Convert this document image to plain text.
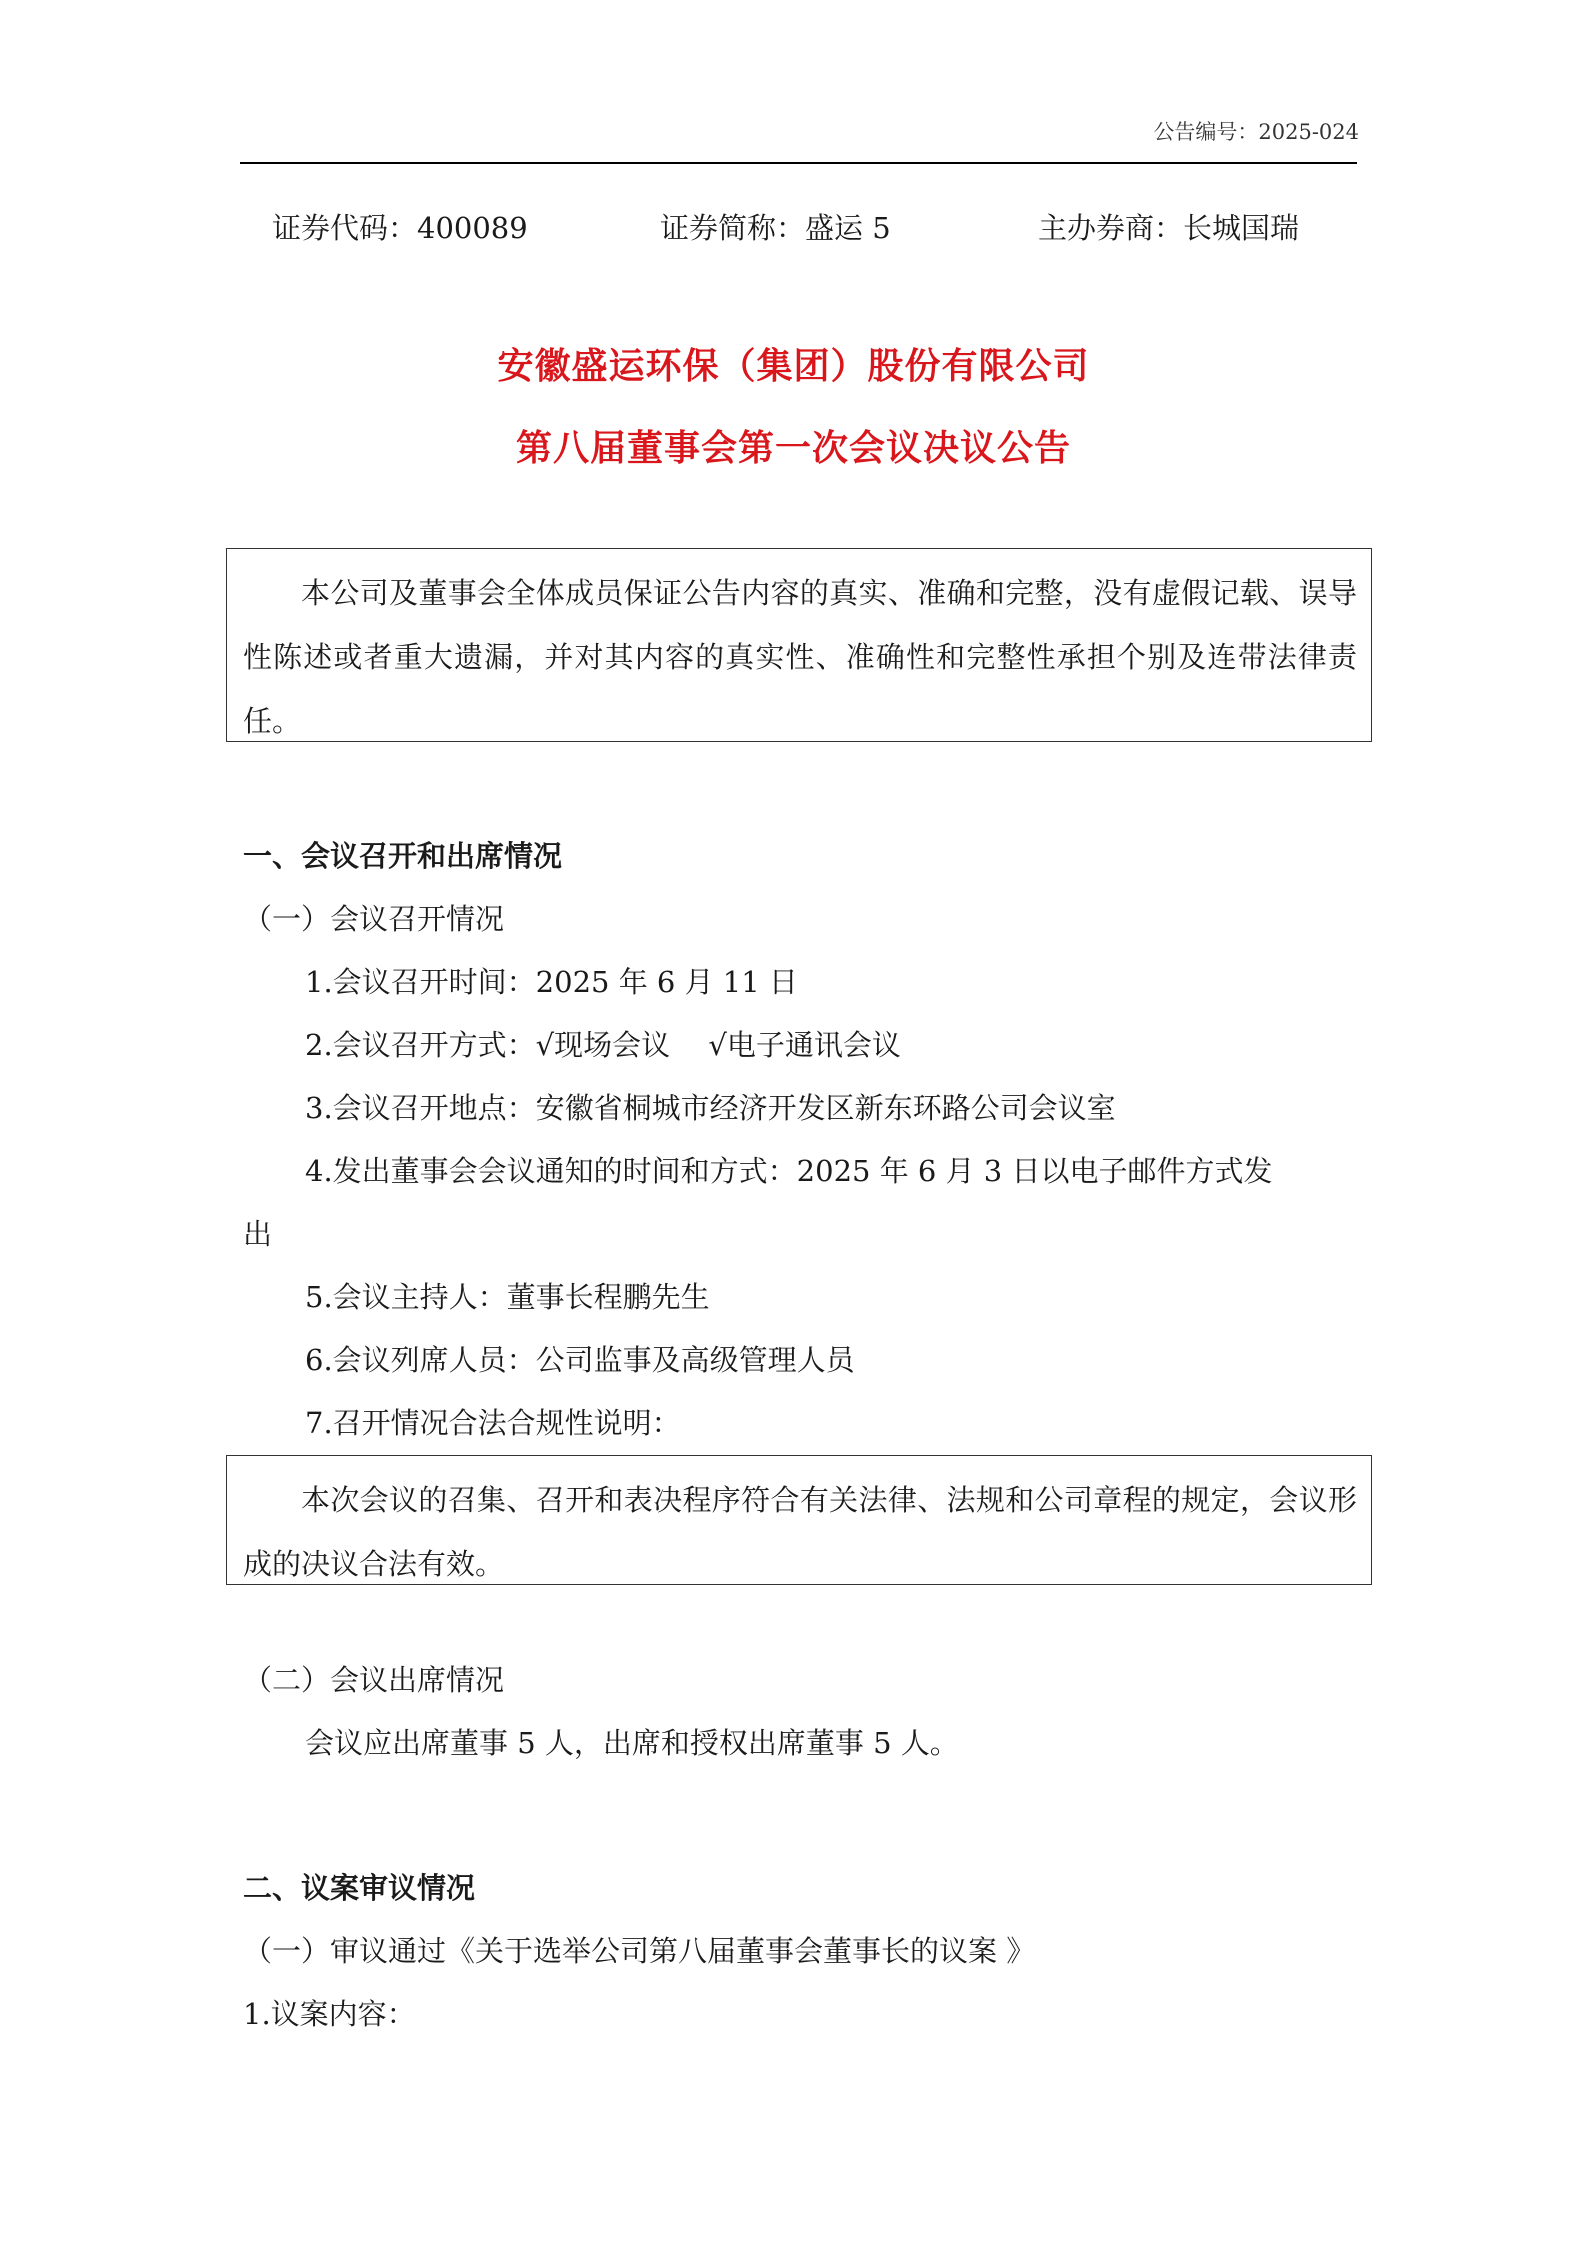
公告编号：2025-024
证券代码：400089	证券简称：盛运 5	主办券商：长城国瑞
安徽盛运环保（集团）股份有限公司
第八届董事会第一次会议决议公告
本公司及董事会全体成员保证公告内容的真实、准确和完整，没有虚假记载、误导性陈述或者重大遗漏，并对其内容的真实性、准确性和完整性承担个别及连带法律责任。
一、会议召开和出席情况
（一）会议召开情况
1.会议召开时间：2025 年 6 月 11 日
2.会议召开方式：√现场会议　 √电子通讯会议
3.会议召开地点：安徽省桐城市经济开发区新东环路公司会议室
4.发出董事会会议通知的时间和方式：2025 年 6 月 3 日以电子邮件方式发
出
5.会议主持人：董事长程鹏先生
6.会议列席人员：公司监事及高级管理人员
7.召开情况合法合规性说明：
本次会议的召集、召开和表决程序符合有关法律、法规和公司章程的规定，会议形成的决议合法有效。
（二）会议出席情况
会议应出席董事 5 人，出席和授权出席董事 5 人。
二、议案审议情况
（一）审议通过《关于选举公司第八届董事会董事长的议案 》
1.议案内容：
